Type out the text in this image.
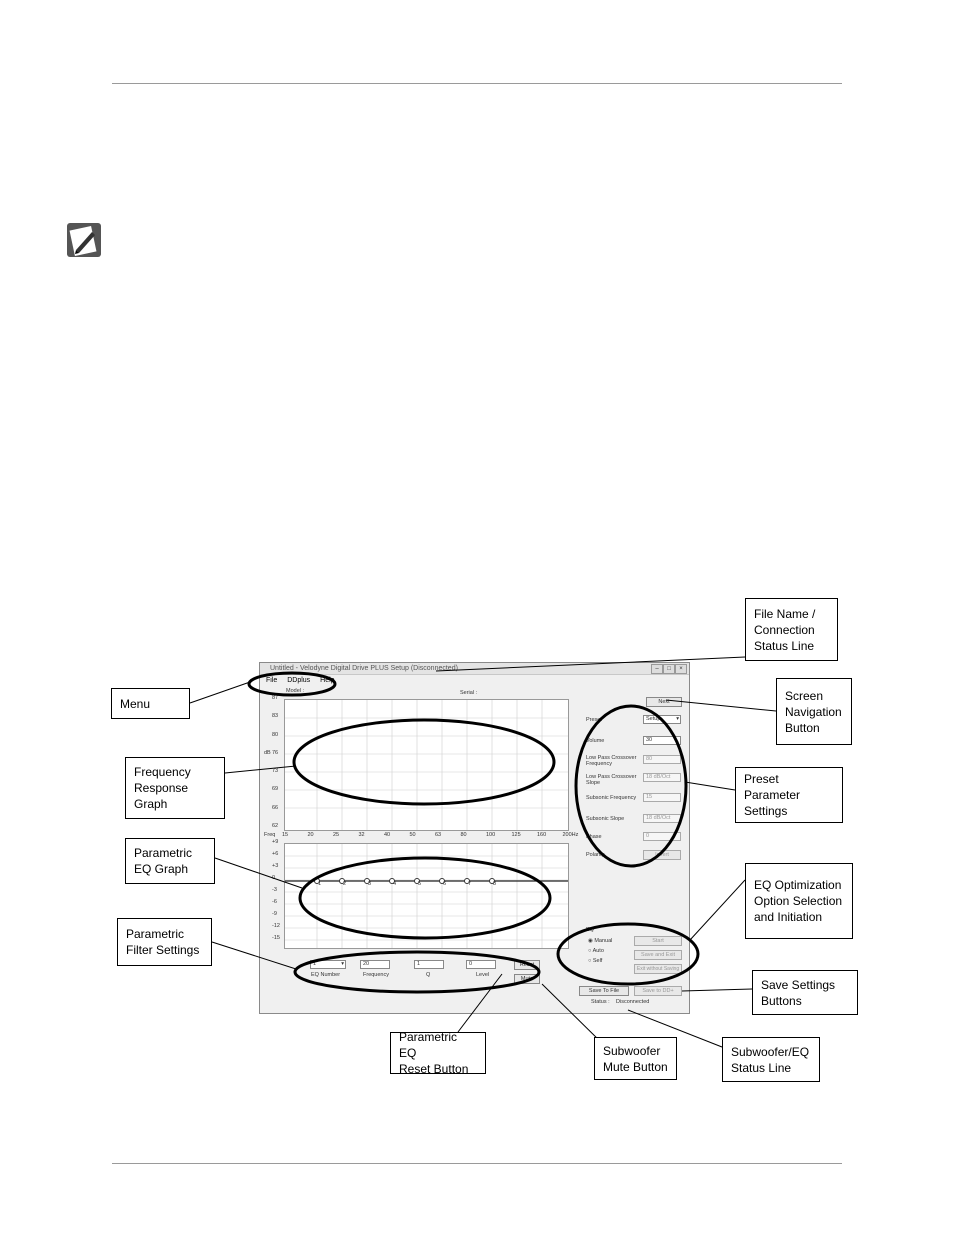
Untitled - Velodyne Digital Drive PLUS Setup (Disconnected)	–	□	×
File DDplus Help
Model :	Serial :
Next
dB
Freq
1	▾
EQ Number
20
Frequency
1
Q
0
Level
Reset
Mute
Preset	Setup	▾
Volume	30
Low Pass Crossover Frequency
80
Low Pass Crossover Slope
18 dB/Oct
Subsonic Frequency	15
Subsonic Slope	18 dB/Oct
Phase	0
Polarity	Invert
EQ
◉ Manual
○ Auto
○ Self
Start
Save and Exit
Exit without Saving
Save To File	Save to DD+
Status : Disconnected
87
83
80
76
73
69
66
62
15	20	25	32	40	50	63	80	100	125	160	200Hz
+9
+6
+3
0
-3
-6
-9
-12
-15
1	2	3	4	5	6	7	8
File Name /
Connection
Status Line
Menu
Screen
Navigation
Button
Frequency
Response
Graph
Preset Parameter
Settings
Parametric
EQ Graph
EQ Optimization
Option Selection
and Initiation
Parametric
Filter Settings
Save Settings
Buttons
Parametric EQ
Reset Button
Subwoofer
Mute Button
Subwoofer/EQ
Status Line
